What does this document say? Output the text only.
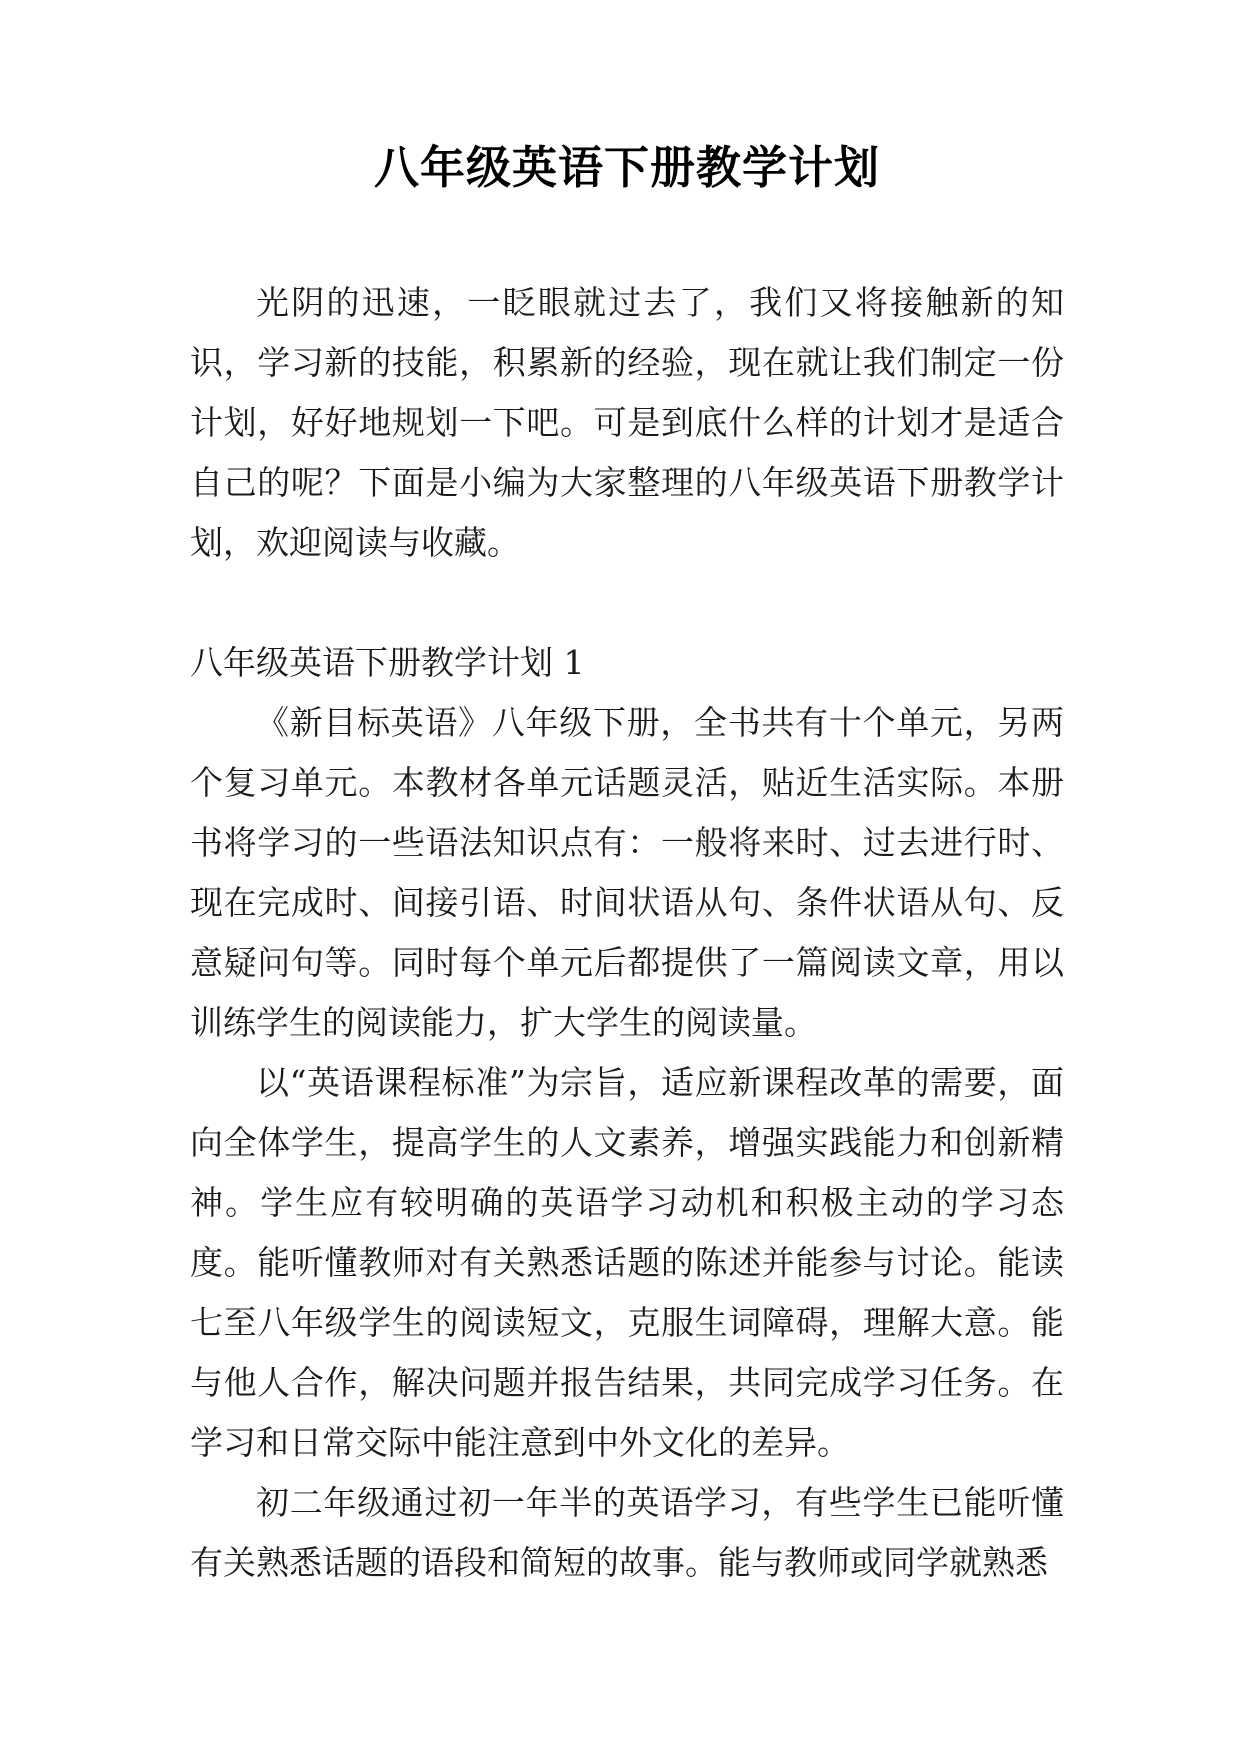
八年级英语下册教学计划

光阴的迅速，一眨眼就过去了，我们又将接触新的知识，学习新的技能，积累新的经验，现在就让我们制定一份计划，好好地规划一下吧。可是到底什么样的计划才是适合自己的呢？下面是小编为大家整理的八年级英语下册教学计划，欢迎阅读与收藏。

八年级英语下册教学计划 1

《新目标英语》八年级下册，全书共有十个单元，另两个复习单元。本教材各单元话题灵活，贴近生活实际。本册书将学习的一些语法知识点有：一般将来时、过去进行时、现在完成时、间接引语、时间状语从句、条件状语从句、反意疑问句等。同时每个单元后都提供了一篇阅读文章，用以训练学生的阅读能力，扩大学生的阅读量。

以“英语课程标准”为宗旨，适应新课程改革的需要，面向全体学生，提高学生的人文素养，增强实践能力和创新精神。学生应有较明确的英语学习动机和积极主动的学习态度。能听懂教师对有关熟悉话题的陈述并能参与讨论。能读七至八年级学生的阅读短文，克服生词障碍，理解大意。能与他人合作，解决问题并报告结果，共同完成学习任务。在学习和日常交际中能注意到中外文化的差异。

初二年级通过初一年半的英语学习，有些学生已能听懂有关熟悉话题的语段和简短的故事。能与教师或同学就熟悉
